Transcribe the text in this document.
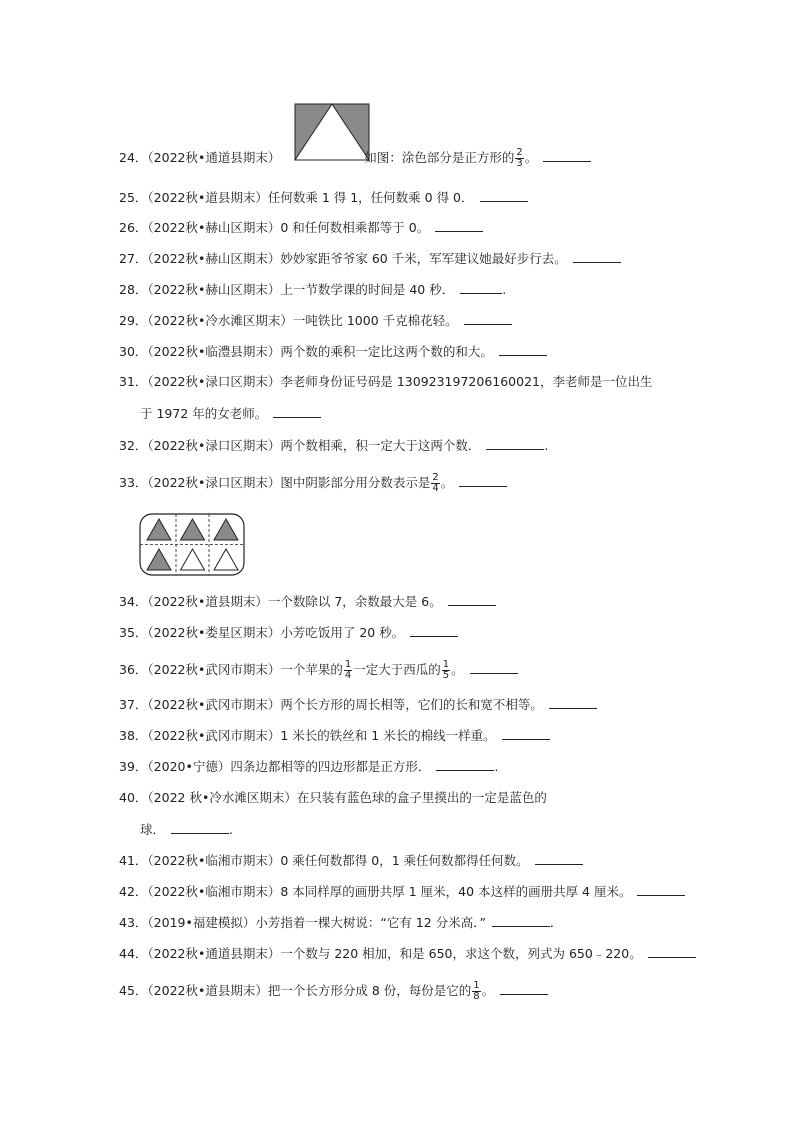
24．（2022秋•通道县期末）	如图：涂色部分是正方形的 $\frac{2}{3}$ 。
25．（2022秋•道县期末）任何数乘 1 得 1，任何数乘 0 得 0．
26．（2022秋•赫山区期末）0 和任何数相乘都等于 0。
27．（2022秋•赫山区期末）妙妙家距爷爷家 60 千米，军军建议她最好步行去。
28．（2022秋•赫山区期末）上一节数学课的时间是 40 秒．	.
29．（2022秋•冷水滩区期末）一吨铁比 1000 千克棉花轻。
30．（2022秋•临澧县期末）两个数的乘积一定比这两个数的和大。
31．（2022秋•渌口区期末）李老师身份证号码是 130923197206160021，李老师是一位出生
于 1972 年的女老师。
32．（2022秋•渌口区期末）两个数相乘，积一定大于这两个数．	.
33．（2022秋•渌口区期末）图中阴影部分用分数表示是 $\frac{2}{4}$ 。
34．（2022秋•道县期末）一个数除以 7，余数最大是 6。
35．（2022秋•娄星区期末）小芳吃饭用了 20 秒。
36．（2022秋•武冈市期末）一个苹果的 $\frac{1}{4}$ 一定大于西瓜的 $\frac{1}{5}$ 。
37．（2022秋•武冈市期末）两个长方形的周长相等，它们的长和宽不相等。
38．（2022秋•武冈市期末）1 米长的铁丝和 1 米长的棉线一样重。
39．（2020•宁德）四条边都相等的四边形都是正方形．	.
40．（2022 秋•冷水滩区期末）在只装有蓝色球的盒子里摸出的一定是蓝色的
球．	.
41．（2022秋•临湘市期末）0 乘任何数都得 0，1 乘任何数都得任何数。
42．（2022秋•临湘市期末）8 本同样厚的画册共厚 1 厘米，40 本这样的画册共厚 4 厘米。
43．（2019•福建模拟）小芳指着一棵大树说：“它有 12 分米高．”	.
44．（2022秋•通道县期末）一个数与 220 相加，和是 650，求这个数，列式为 650﹣220。
45．（2022秋•道县期末）把一个长方形分成 8 份，每份是它的 $\frac{1}{8}$ 。
